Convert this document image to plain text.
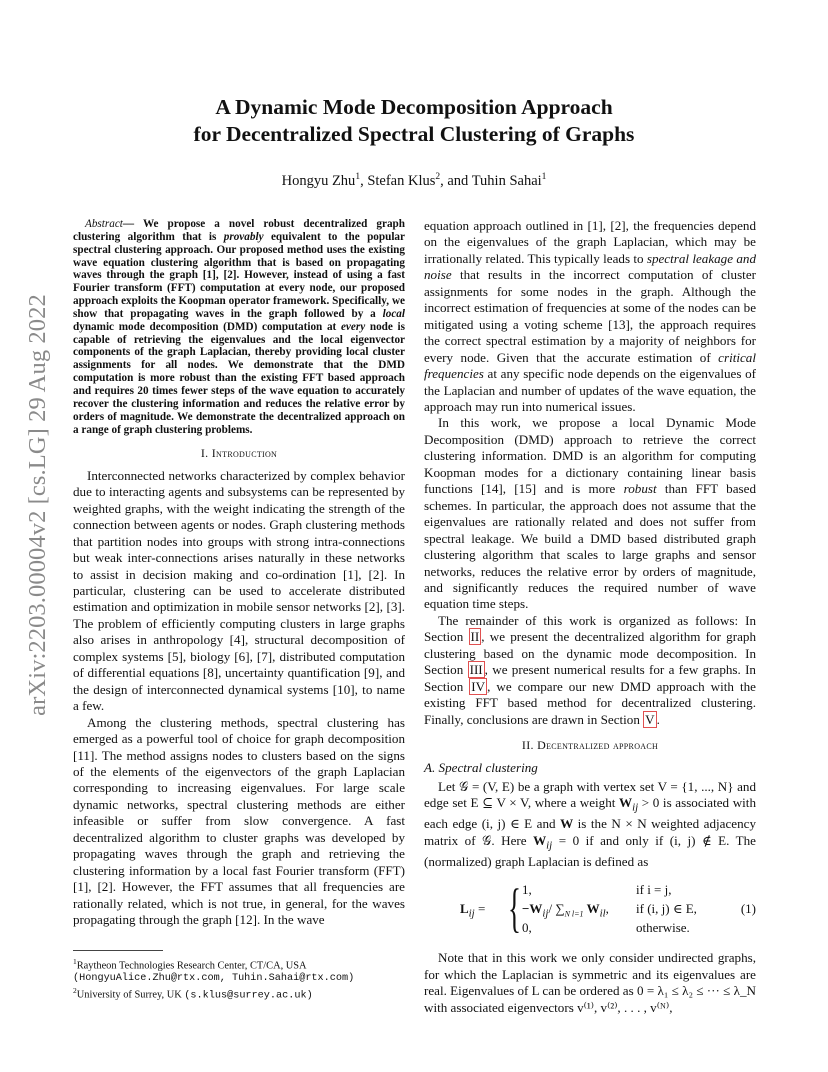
arXiv:2203.00004v2 [cs.LG] 29 Aug 2022
A Dynamic Mode Decomposition Approach
for Decentralized Spectral Clustering of Graphs
Hongyu Zhu$^1$, Stefan Klus$^2$, and Tuhin Sahai$^1$

Abstract— We propose a novel robust decentralized graph clustering algorithm that is provably equivalent to the popular spectral clustering approach. Our proposed method uses the existing wave equation clustering algorithm that is based on propagating waves through the graph [1], [2]. However, instead of using a fast Fourier transform (FFT) computation at every node, our proposed approach exploits the Koopman operator framework. Specifically, we show that propagating waves in the graph followed by a local dynamic mode decomposition (DMD) computation at every node is capable of retrieving the eigenvalues and the local eigenvector components of the graph Laplacian, thereby providing local cluster assignments for all nodes. We demonstrate that the DMD computation is more robust than the existing FFT based approach and requires 20 times fewer steps of the wave equation to accurately recover the clustering information and reduces the relative error by orders of magnitude. We demonstrate the decentralized approach on a range of graph clustering problems.

I. Introduction

Interconnected networks characterized by complex behavior due to interacting agents and subsystems can be represented by weighted graphs, with the weight indicating the strength of the connection between agents or nodes. Graph clustering methods that partition nodes into groups with strong intra-connections but weak inter-connections arises naturally in these networks to assist in decision making and co-ordination [1], [2]. In particular, clustering can be used to accelerate distributed estimation and optimization in mobile sensor networks [2], [3]. The problem of efficiently computing clusters in large graphs also arises in anthropology [4], structural decomposition of complex systems [5], biology [6], [7], distributed computation of differential equations [8], uncertainty quantification [9], and the design of interconnected dynamical systems [10], to name a few.

Among the clustering methods, spectral clustering has emerged as a powerful tool of choice for graph decomposition [11]. The method assigns nodes to clusters based on the signs of the elements of the eigenvectors of the graph Laplacian corresponding to increasing eigenvalues. For large scale dynamic networks, spectral clustering methods are either infeasible or suffer from slow convergence. A fast decentralized algorithm to cluster graphs was developed by propagating waves through the graph and retrieving the clustering information by a local fast Fourier transform (FFT) [1], [2]. However, the FFT assumes that all frequencies are rationally related, which is not true, in general, for the waves propagating through the graph [12]. In the wave

equation approach outlined in [1], [2], the frequencies depend on the eigenvalues of the graph Laplacian, which may be irrationally related. This typically leads to spectral leakage and noise that results in the incorrect computation of cluster assignments for some nodes in the graph. Although the incorrect estimation of frequencies at some of the nodes can be mitigated using a voting scheme [13], the approach requires the correct spectral estimation by a majority of neighbors for every node. Given that the accurate estimation of critical frequencies at any specific node depends on the eigenvalues of the Laplacian and number of updates of the wave equation, the approach may run into numerical issues.

In this work, we propose a local Dynamic Mode Decomposition (DMD) approach to retrieve the correct clustering information. DMD is an algorithm for computing Koopman modes for a dictionary containing linear basis functions [14], [15] and is more robust than FFT based schemes. In particular, the approach does not assume that the eigenvalues are rationally related and does not suffer from spectral leakage. We build a DMD based distributed graph clustering algorithm that scales to large graphs and sensor networks, reduces the relative error by orders of magnitude, and significantly reduces the required number of wave equation time steps.

The remainder of this work is organized as follows: In Section II , we present the decentralized algorithm for graph clustering based on the dynamic mode decomposition. In Section III , we present numerical results for a few graphs. In Section IV , we compare our new DMD approach with the existing FFT based method for decentralized clustering. Finally, conclusions are drawn in Section V .

II. Decentralized approach
A. Spectral clustering

Let 𝒢 = (V, E) be a graph with vertex set V = {1, ..., N} and edge set E ⊆ V × V, where a weight $W_{ij} > 0$ is associated with each edge (i, j) ∈ E and W is the N × N weighted adjacency matrix of 𝒢. Here $W_{ij} = 0$ if and only if (i, j) ∉ E. The (normalized) graph Laplacian is defined as

$L_{ij}$ = { 1,
$-W_{ij}/$ $\sum_{N l=1}$ $W_{il}$,
0,
if i = j,
if (i, j) ∈ E,
otherwise.
(1)

Note that in this work we only consider undirected graphs, for which the Laplacian is symmetric and its eigenvalues are real. Eigenvalues of L can be ordered as 0 = λ₁ ≤ λ₂ ≤ ··· ≤ λ_N with associated eigenvectors v⁽¹⁾, v⁽²⁾, . . . , v⁽ᴺ⁾,

$^1$Raytheon Technologies Research Center, CT/CA, USA
(HongyuAlice.Zhu@rtx.com, Tuhin.Sahai@rtx.com)
$^2$University of Surrey, UK (s.klus@surrey.ac.uk)
